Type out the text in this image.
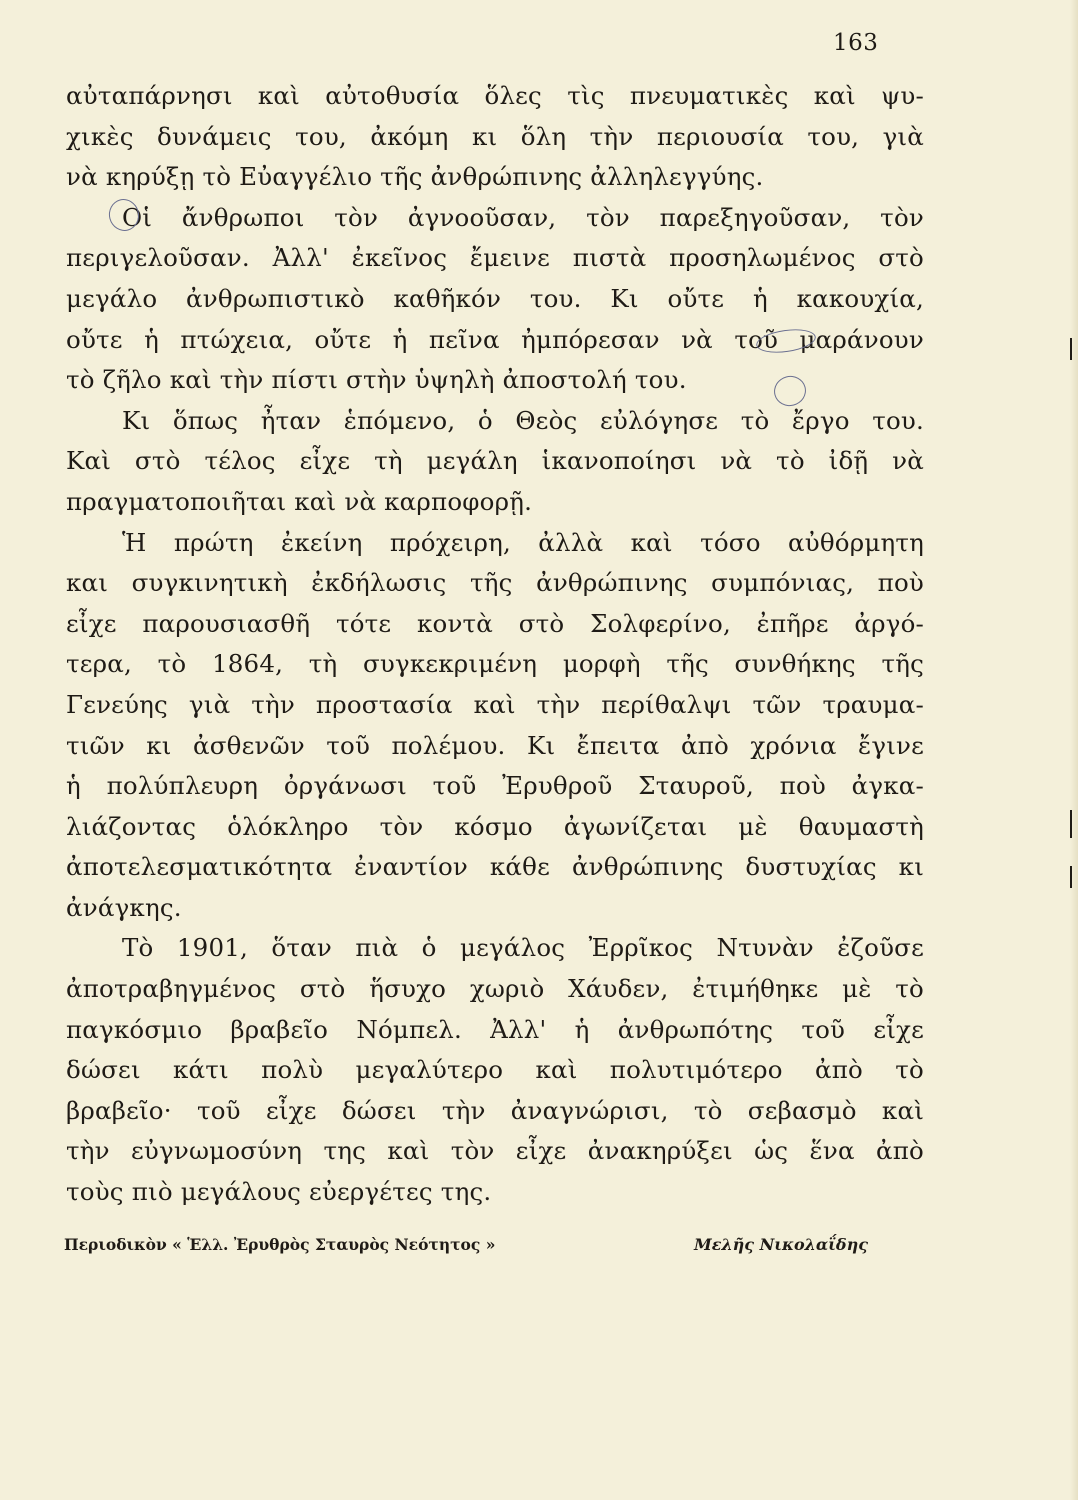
163
αὐταπάρνησι καὶ αὐτοθυσία ὅλες τὶς πνευματικὲς καὶ ψυ-
χικὲς δυνάμεις του, ἀκόμη κι ὅλη τὴν περιουσία του, γιὰ
νὰ κηρύξῃ τὸ Εὐαγγέλιο τῆς ἀνθρώπινης ἀλληλεγγύης.
Οἱ ἄνθρωποι τὸν ἀγνοοῦσαν, τὸν παρεξηγοῦσαν, τὸν
περιγελοῦσαν. Ἀλλ' ἐκεῖνος ἔμεινε πιστὰ προσηλωμένος στὸ
μεγάλο ἀνθρωπιστικὸ καθῆκόν του. Κι οὔτε ἡ κακουχία,
οὔτε ἡ πτώχεια, οὔτε ἡ πεῖνα ἠμπόρεσαν νὰ τοῦ μαράνουν
τὸ ζῆλο καὶ τὴν πίστι στὴν ὑψηλὴ ἀποστολή του.
Κι ὅπως ἦταν ἑπόμενο, ὁ Θεὸς εὐλόγησε τὸ ἔργο του.
Καὶ στὸ τέλος εἶχε τὴ μεγάλη ἱκανοποίησι νὰ τὸ ἰδῇ νὰ
πραγματοποιῆται καὶ νὰ καρποφορῇ.
Ἡ πρώτη ἐκείνη πρόχειρη, ἀλλὰ καὶ τόσο αὐθόρμητη
και συγκινητικὴ ἐκδήλωσις τῆς ἀνθρώπινης συμπόνιας, ποὺ
εἶχε παρουσιασθῆ τότε κοντὰ στὸ Σολφερίνο, ἐπῆρε ἀργό-
τερα, τὸ 1864, τὴ συγκεκριμένη μορφὴ τῆς συνθήκης τῆς
Γενεύης γιὰ τὴν προστασία καὶ τὴν περίθαλψι τῶν τραυμα-
τιῶν κι ἀσθενῶν τοῦ πολέμου. Κι ἔπειτα ἀπὸ χρόνια ἔγινε
ἡ πολύπλευρη ὀργάνωσι τοῦ Ἐρυθροῦ Σταυροῦ, ποὺ ἀγκα-
λιάζοντας ὁλόκληρο τὸν κόσμο ἀγωνίζεται μὲ θαυμαστὴ
ἀποτελεσματικότητα ἐναντίον κάθε ἀνθρώπινης δυστυχίας κι
ἀνάγκης.
Τὸ 1901, ὅταν πιὰ ὁ μεγάλος Ἐρρῖκος Ντυνὰν ἐζοῦσε
ἀποτραβηγμένος στὸ ἥσυχο χωριὸ Χάυδεν, ἐτιμήθηκε μὲ τὸ
παγκόσμιο βραβεῖο Νόμπελ. Ἀλλ' ἡ ἀνθρωπότης τοῦ εἶχε
δώσει κάτι πολὺ μεγαλύτερο καὶ πολυτιμότερο ἀπὸ τὸ
βραβεῖο· τοῦ εἶχε δώσει τὴν ἀναγνώρισι, τὸ σεβασμὸ καὶ
τὴν εὐγνωμοσύνη της καὶ τὸν εἶχε ἀνακηρύξει ὡς ἕνα ἀπὸ
τοὺς πιὸ μεγάλους εὐεργέτες της.
Περιοδικὸν « Ἑλλ. Ἐρυθρὸς Σταυρὸς Νεότητος »	Μελῆς Νικολαΐδης
